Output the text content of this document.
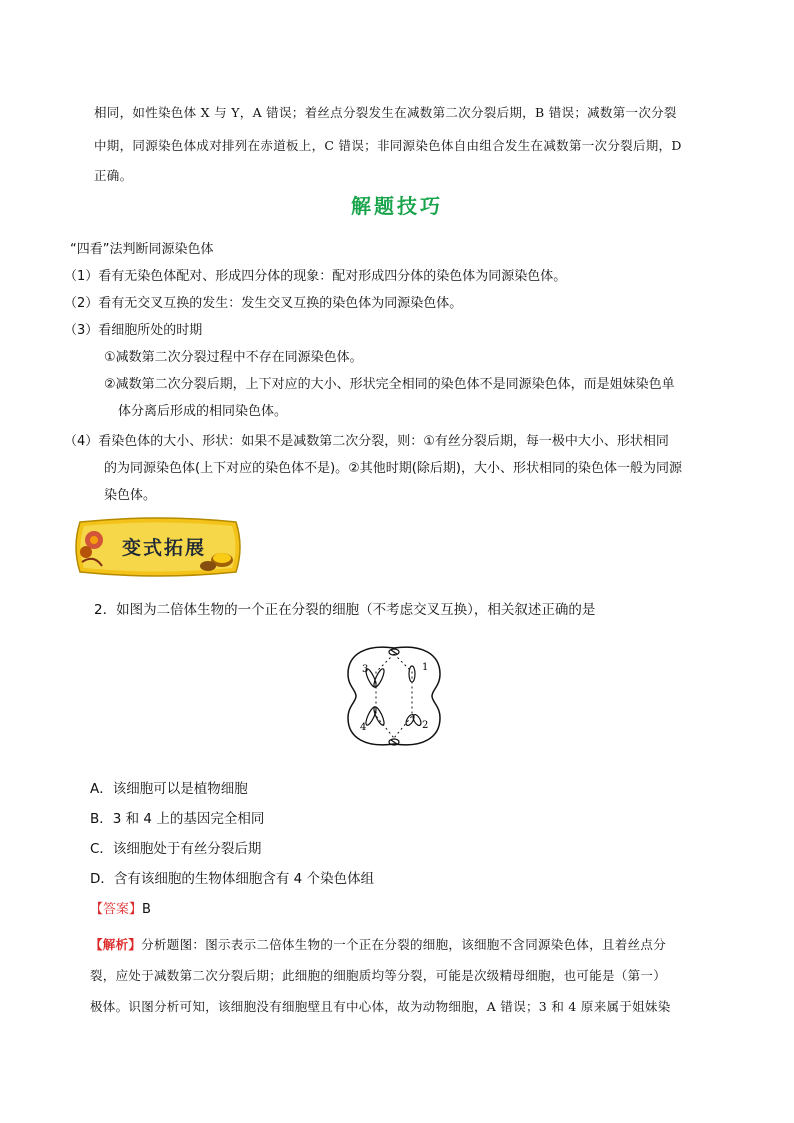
相同，如性染色体 X 与 Y，A 错误；着丝点分裂发生在减数第二次分裂后期，B 错误；减数第一次分裂
中期，同源染色体成对排列在赤道板上，C 错误；非同源染色体自由组合发生在减数第一次分裂后期，D
正确。
解题技巧
“四看”法判断同源染色体
（1）看有无染色体配对、形成四分体的现象：配对形成四分体的染色体为同源染色体。
（2）看有无交叉互换的发生：发生交叉互换的染色体为同源染色体。
（3）看细胞所处的时期
①减数第二次分裂过程中不存在同源染色体。
②减数第二次分裂后期，上下对应的大小、形状完全相同的染色体不是同源染色体，而是姐妹染色单
体分离后形成的相同染色体。
（4）看染色体的大小、形状：如果不是减数第二次分裂，则：①有丝分裂后期，每一极中大小、形状相同
的为同源染色体(上下对应的染色体不是)。②其他时期(除后期)，大小、形状相同的染色体一般为同源
染色体。
变式拓展
2．如图为二倍体生物的一个正在分裂的细胞（不考虑交叉互换），相关叙述正确的是
3	1
4	2
A．该细胞可以是植物细胞
B．3 和 4 上的基因完全相同
C．该细胞处于有丝分裂后期
D．含有该细胞的生物体细胞含有 4 个染色体组
【答案】B
【解析】分析题图：图示表示二倍体生物的一个正在分裂的细胞，该细胞不含同源染色体，且着丝点分
裂，应处于减数第二次分裂后期；此细胞的细胞质均等分裂，可能是次级精母细胞，也可能是（第一）
极体。识图分析可知，该细胞没有细胞壁且有中心体，故为动物细胞，A 错误；3 和 4 原来属于姐妹染
